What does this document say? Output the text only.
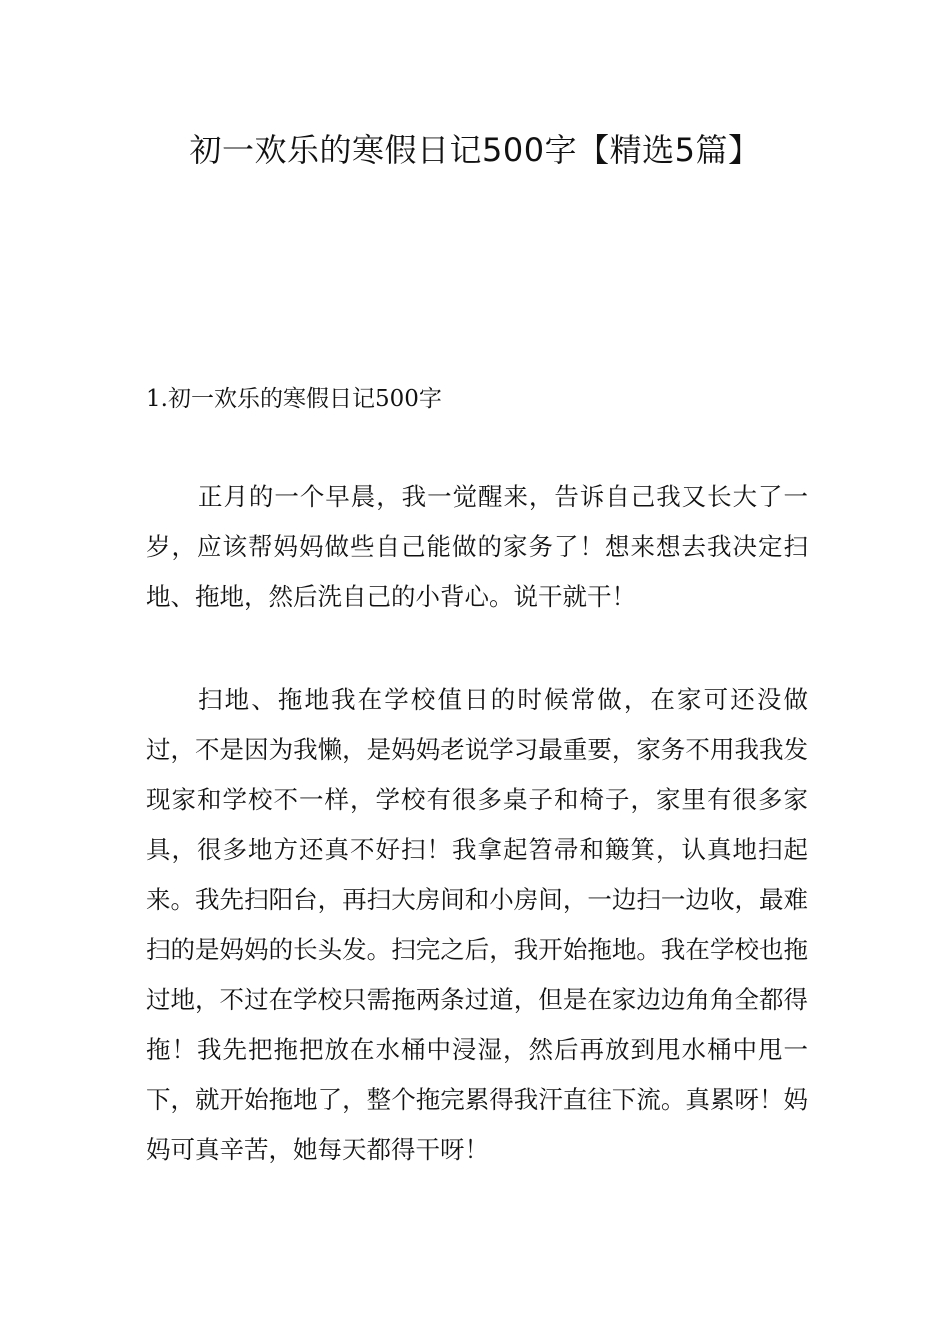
初一欢乐的寒假日记500字【精选5篇】
1.初一欢乐的寒假日记500字

正月的一个早晨，我一觉醒来，告诉自己我又长大了一岁，应该帮妈妈做些自己能做的家务了！想来想去我决定扫地、拖地，然后洗自己的小背心。说干就干！

扫地、拖地我在学校值日的时候常做，在家可还没做过，不是因为我懒，是妈妈老说学习最重要，家务不用我我发现家和学校不一样，学校有很多桌子和椅子，家里有很多家具，很多地方还真不好扫！我拿起笤帚和簸箕，认真地扫起来。我先扫阳台，再扫大房间和小房间，一边扫一边收，最难扫的是妈妈的长头发。扫完之后，我开始拖地。我在学校也拖过地，不过在学校只需拖两条过道，但是在家边边角角全都得拖！我先把拖把放在水桶中浸湿，然后再放到甩水桶中甩一下，就开始拖地了，整个拖完累得我汗直往下流。真累呀！妈妈可真辛苦，她每天都得干呀！
